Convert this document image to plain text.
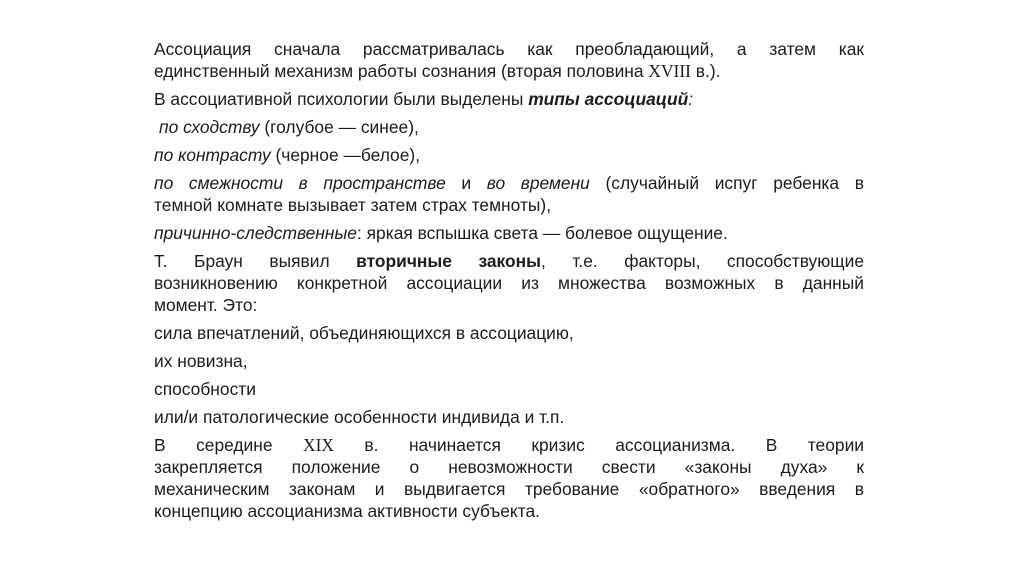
Ассоциация сначала рассматривалась как преобладающий, а затем как
единственный механизм работы сознания (вторая половина XVIII в.).
В ассоциативной психологии были выделены типы ассоциаций:
по сходству (голубое — синее),
по контрасту (черное —белое),
по смежности в пространстве и во времени (случайный испуг ребенка в
темной комнате вызывает затем страх темноты),
причинно-следственные: яркая вспышка света — болевое ощущение.
Т. Браун выявил вторичные законы, т.е. факторы, способствующие
возникновению конкретной ассоциации из множества возможных в данный
момент. Это:
сила впечатлений, объединяющихся в ассоциацию,
их новизна,
способности
или/и патологические особенности индивида и т.п.
В середине XIX в. начинается кризис ассоцианизма. В теории
закрепляется положение о невозможности свести «законы духа» к
механическим законам и выдвигается требование «обратного» введения в
концепцию ассоцианизма активности субъекта.
